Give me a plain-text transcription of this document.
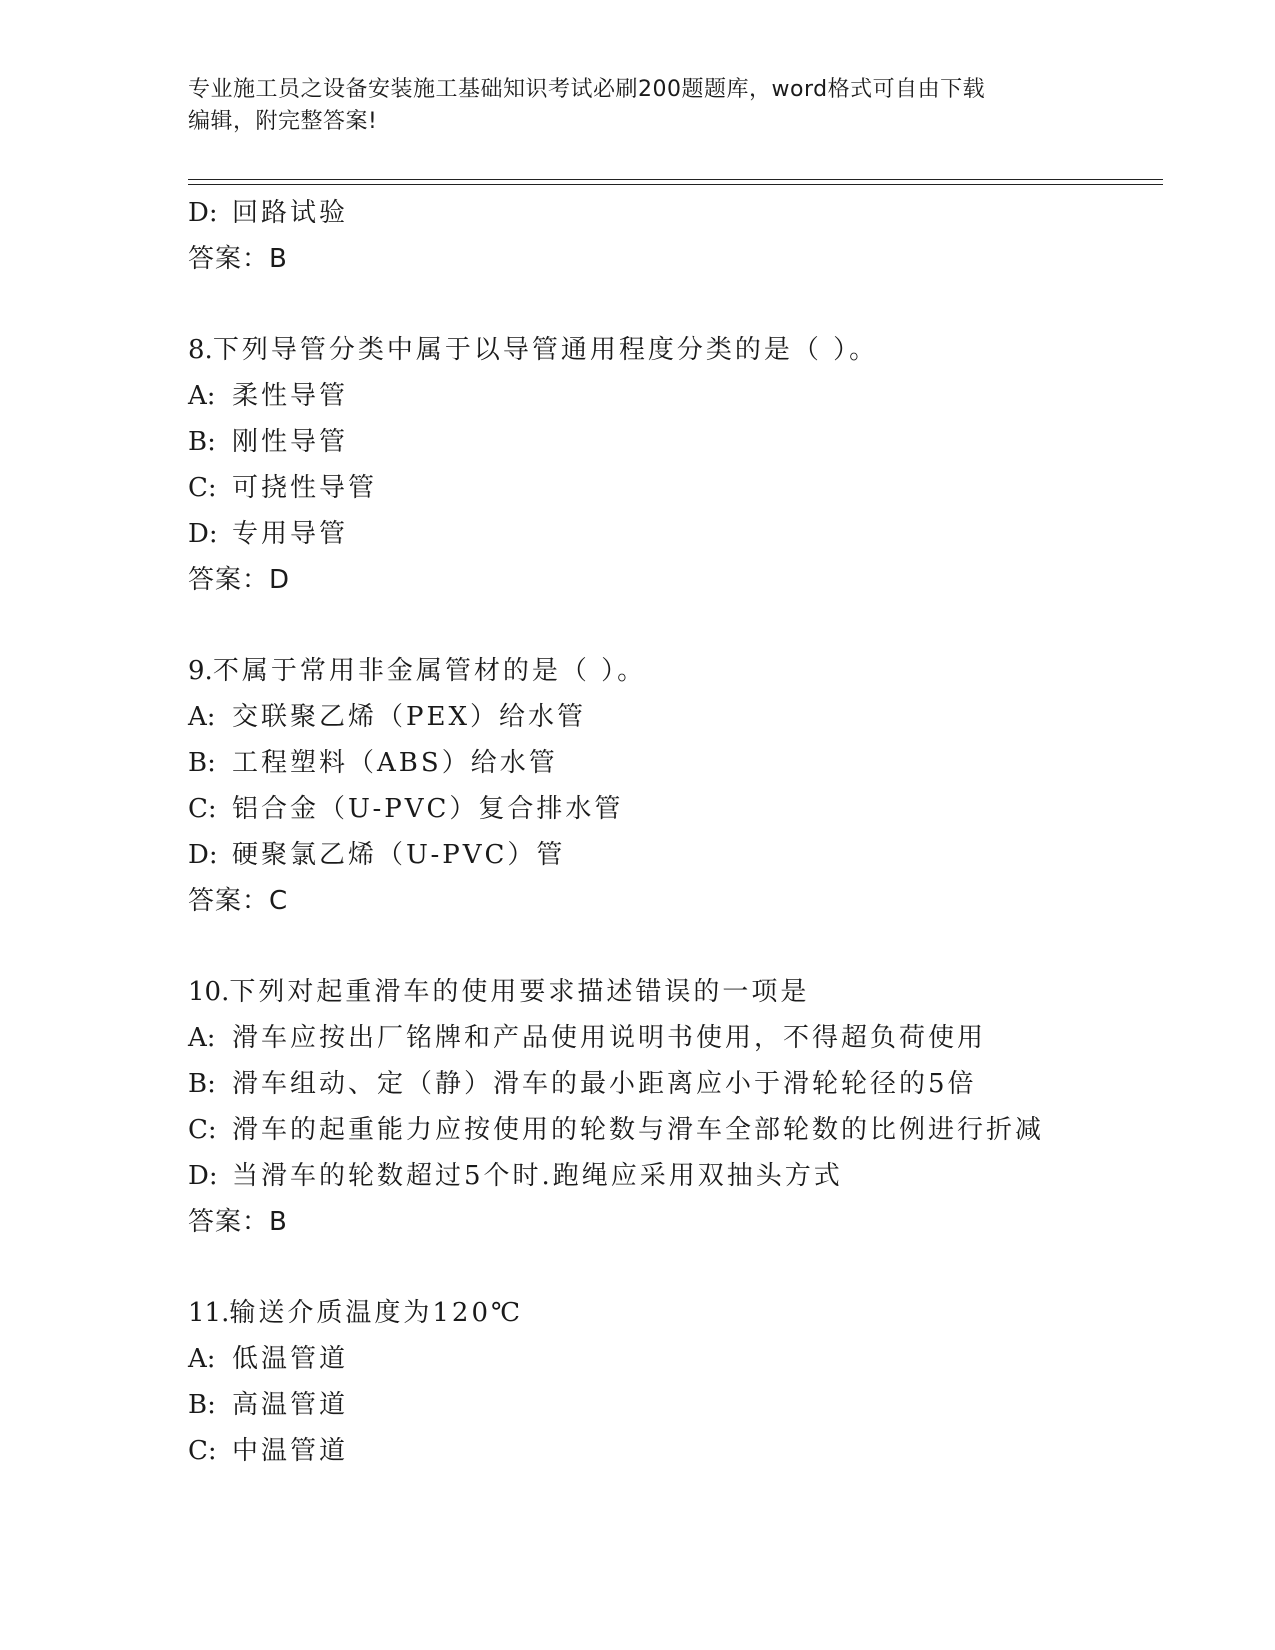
专业施工员之设备安装施工基础知识考试必刷200题题库，word格式可自由下载
编辑，附完整答案!
D: 回路试验
答案：B
8.下列导管分类中属于以导管通用程度分类的是（ ）。
A: 柔性导管
B: 刚性导管
C: 可挠性导管
D: 专用导管
答案：D
9.不属于常用非金属管材的是（ ）。
A: 交联聚乙烯（PEX）给水管
B: 工程塑料（ABS）给水管
C: 铝合金（U-PVC）复合排水管
D: 硬聚氯乙烯（U-PVC）管
答案：C
10.下列对起重滑车的使用要求描述错误的一项是
A: 滑车应按出厂铭牌和产品使用说明书使用，不得超负荷使用
B: 滑车组动、定（静）滑车的最小距离应小于滑轮轮径的5倍
C: 滑车的起重能力应按使用的轮数与滑车全部轮数的比例进行折减
D: 当滑车的轮数超过5个时.跑绳应采用双抽头方式
答案：B
11.输送介质温度为120℃
A: 低温管道
B: 高温管道
C: 中温管道
